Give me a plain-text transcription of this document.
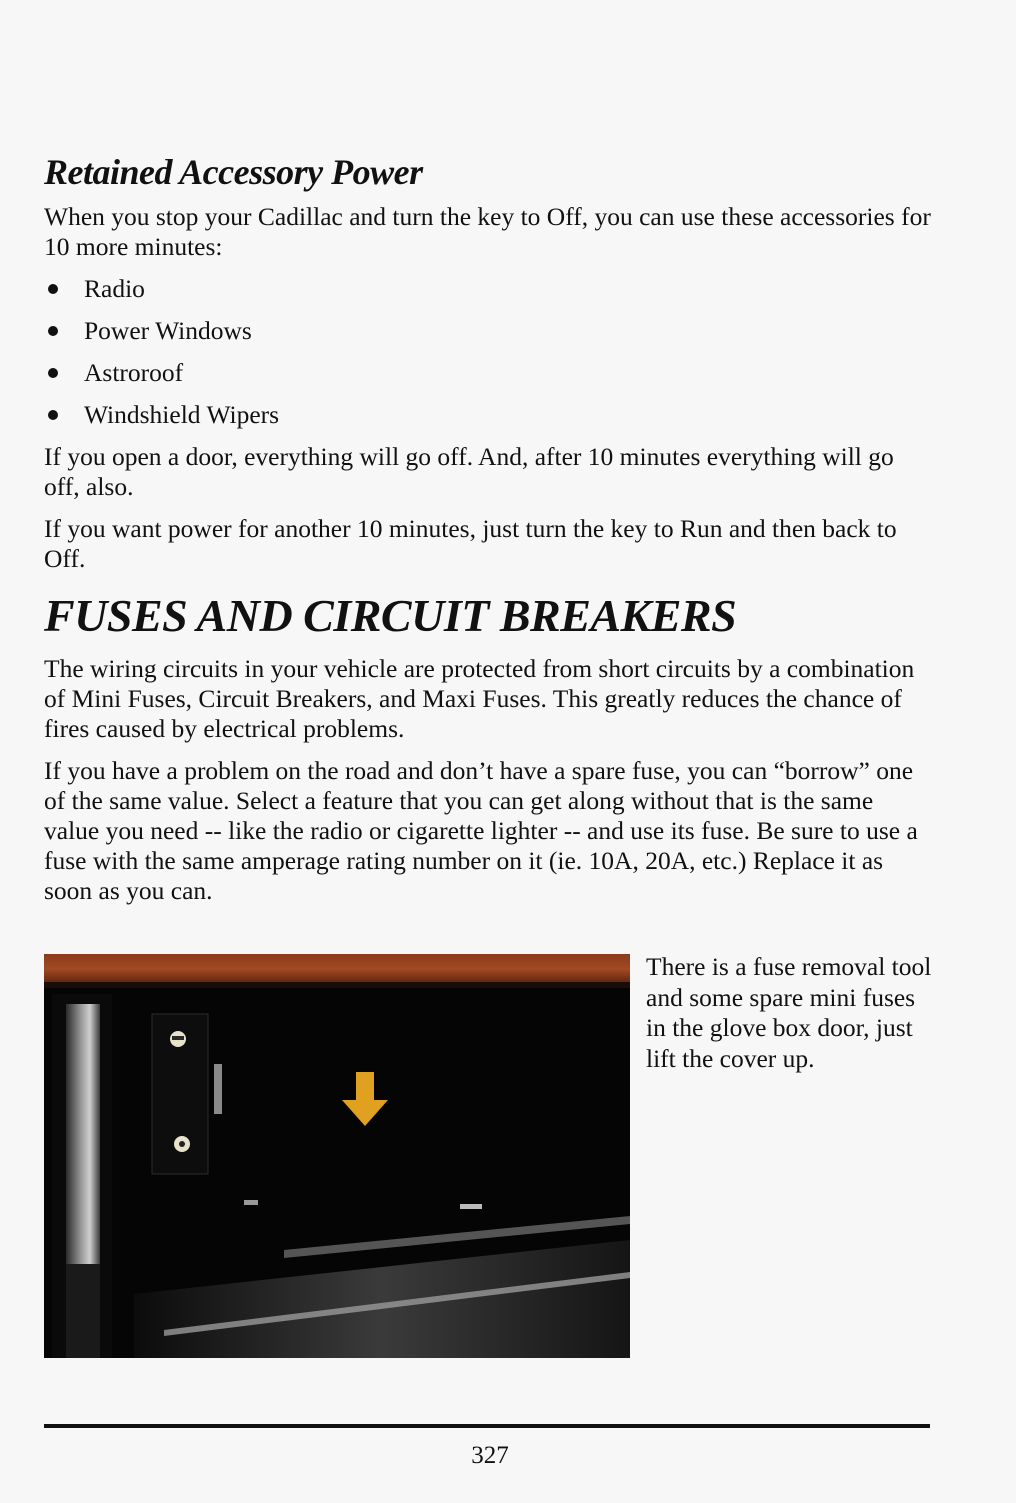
Retained Accessory Power

When you stop your Cadillac and turn the key to Off, you can use these accessories for 10 more minutes:

Radio
Power Windows
Astroroof
Windshield Wipers

If you open a door, everything will go off. And, after 10 minutes everything will go off, also.

If you want power for another 10 minutes, just turn the key to Run and then back to Off.

FUSES AND CIRCUIT BREAKERS

The wiring circuits in your vehicle are protected from short circuits by a combination of Mini Fuses, Circuit Breakers, and Maxi Fuses. This greatly reduces the chance of fires caused by electrical problems.

If you have a problem on the road and don’t have a spare fuse, you can “borrow” one of the same value. Select a feature that you can get along without that is the same value you need -- like the radio or cigarette lighter -- and use its fuse. Be sure to use a fuse with the same amperage rating number on it (ie. 10A, 20A, etc.) Replace it as soon as you can.

There is a fuse removal tool and some spare mini fuses in the glove box door, just lift the cover up.
327
